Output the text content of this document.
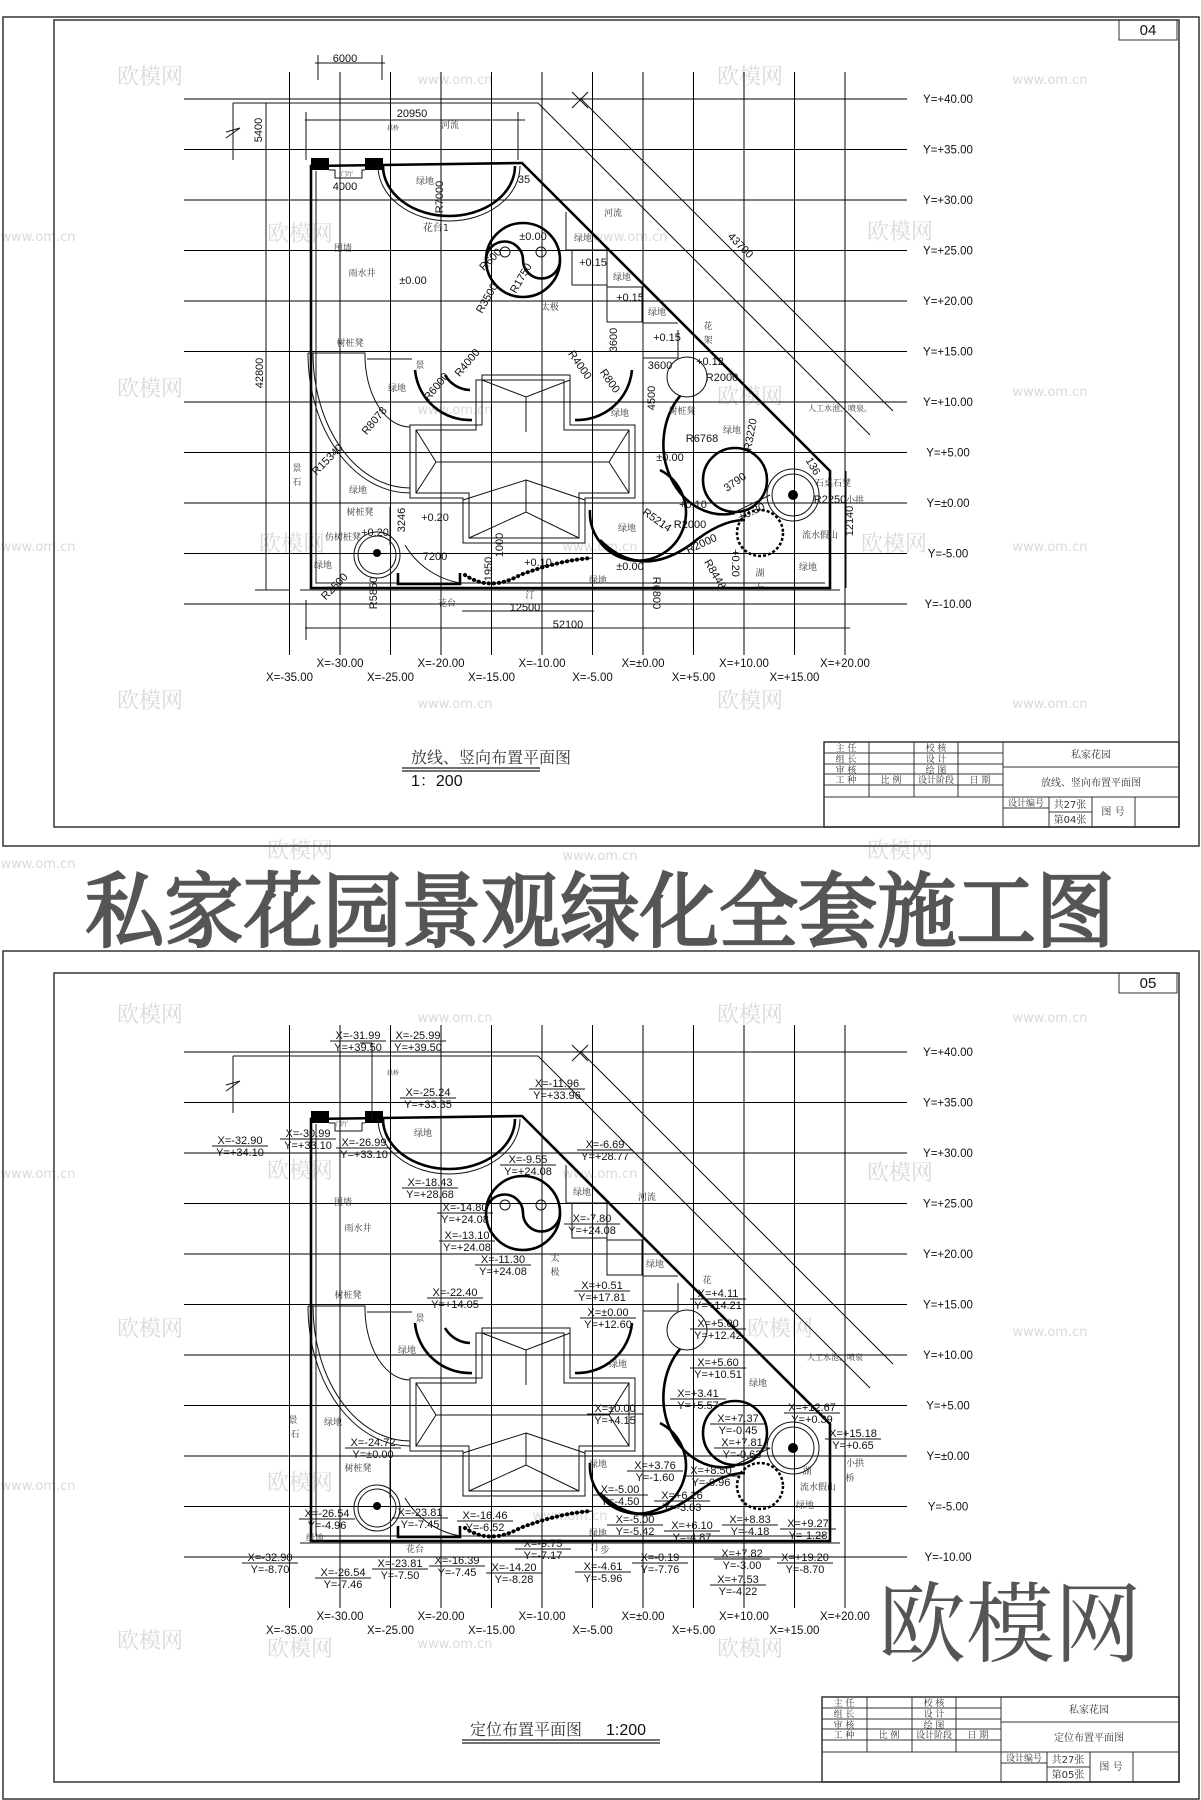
欧模网
欧模网
欧模网
欧模网
欧模网
欧模网
欧模网
欧模网
欧模网
欧模网
欧模网	欧模网
欧模网
欧模网
欧模网
欧模网
欧模网
欧模网
欧模网
欧模网
欧模网	欧模网
www.om.cn	www.om.cn
www.om.cn
www.om.cn
www.om.cn
www.om.cn	www.om.cn
www.om.cn	www.om.cn
www.om.cn
www.om.cn
www.om.cn
www.om.cn
www.om.cn	www.om.cn
www.om.cn
www.om.cn
www.om.cn
www.om.cn
www.om.cn
www.om.cn
04
X=-35.00
X=-30.00
X=-25.00
X=-20.00
X=-15.00
X=-10.00
X=-5.00
X=±0.00
X=+5.00
X=+10.00
X=+15.00
X=+20.00
Y=+40.00
Y=+35.00
Y=+30.00
Y=+25.00
Y=+20.00
Y=+15.00
Y=+10.00
Y=+5.00
Y=±0.00
Y=-5.00
Y=-10.00
6000
20950
5400	河流
拱桥
门厅
4000	绿地 R7000
35
花台1
围墙
雨水井
±0.00
±0.00
R600
R3500
R1750
太极
河流
绿地
+0.15
绿地
+0.15
绿地
花
架
+0.15
3600
3600 +0.12
R2000
4500
树桩凳
绿地 R3220
R6768
人工水池、喷泉。
±0.00
43700
42800
树桩凳
景	R4000
R6000
绿地
R8078
R4000 R800
绿地
R15340
景
石
绿地
树桩凳 3246 +0.20
仿树桩凳 +0.20
绿地
R2500
7200	1000
1950	+0.10
R5850	花台
汀
12500
52100
绿地
±0.00
R5214
绿地
R6800
3790
+0.10
R2000
R2000
R8448 +0.20
+0.30
湖
石
流水假山
绿地
R2250
石桌石凳
小拱
12140
136
放线、竖向布置平面图
1：200
主 任	校 核
组 长	设 计
审 核	绘 图
工 种	比 例 设计阶段 日 期
私家花园
放线、竖向布置平面图
设计编号 共27张
第04张
图 号
私家花园景观绿化全套施工图
05
X=-35.00
X=-30.00
X=-25.00
X=-20.00
X=-15.00
X=-10.00
X=-5.00
X=±0.00
X=+5.00
X=+10.00
X=+15.00
X=+20.00
Y=+40.00
Y=+35.00
Y=+30.00
Y=+25.00
Y=+20.00
Y=+15.00
Y=+10.00
Y=+5.00
Y=±0.00
Y=-5.00
Y=-10.00
X=-31.99
Y=+39.50
X=-25.99
Y=+39.50
X=-25.24
Y=+33.35
X=-11.96
Y=+33.96
X=-32.90
Y=+34.10
X=-30.99
Y=+33.10 X=-26.99
Y=+33.10
X=-6.69
Y=+28.77
X=-9.55
Y=+24.08
X=-18.43
Y=+28.68
X=-14.80
Y=+24.08	X=-7.80
Y=+24.08
X=-13.10
Y=+24.08
X=-11.30
Y=+24.08
X=+0.51
Y=+17.81
X=-22.40
Y=+14.05
X=±0.00
Y=+12.60
X=±0.00
Y=+4.15
X=-24.72
Y=±0.00
X=+3.76
Y=-1.60
X=-5.00
Y=-4.50
X=+4.11
Y=+14.21
X=+5.00
Y=+12.42
X=+5.60
Y=+10.51
X=+3.41
Y=+5.57	X=+12.67
Y=+0.39
X=+7.37
Y=-0.45	X=+15.18
Y=+0.65
X=+7.81
Y=-0.63
X=+8.50
Y=-0.96
X=+6.26
Y=-3.03
X=-5.00
Y=-5.42 X=+6.10
Y=-4.87
X=+8.83
Y=-4.18
X=+9.27
Y=-1.28
X=+7.82
Y=-3.00
X=+19.20
Y=-8.70
X=-0.19
Y=-7.76
X=-4.61
Y=-5.96	X=+7.53
Y=-4.22
X=-26.54
Y=-4.96
X=-23.81
Y=-7.45
X=-16.46
Y=-6.52
X=-32.90
Y=-8.70	X=-26.54
Y=-7.46
X=-23.81
Y=-7.50
X=-16.39
Y=-7.45 X=-14.20
Y=-8.28
X=-9.75
Y=-7.17
拱桥
门厅
绿地
围墙
绿地	河流
雨水井
太
极
绿地
树桩凳
景
绿地
绿地
景
石
绿地
树桩凳	绿地
花
人工水池、喷泉
绿地
小拱
桥
湖
流水假山
绿地
绿地
汀 步
绿地
花台
定位布置平面图 1:200
主 任	校 核
组 长	设 计
审 核	绘 图
工 种	比 例 设计阶段 日 期
私家花园
定位布置平面图
设计编号 共27张
第05张
图 号
欧模网
